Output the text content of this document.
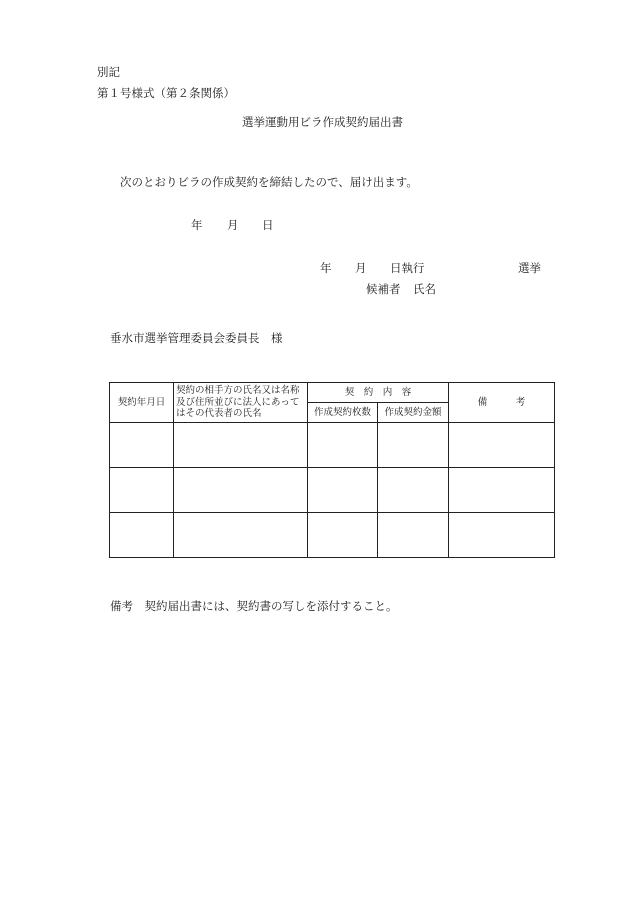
別記
第１号様式（第２条関係）
選挙運動用ビラ作成契約届出書
次のとおりビラの作成契約を締結したので、届け出ます。
年 月 日
年 月 日執行	選挙
候補者 氏名
垂水市選挙管理委員会委員長　様
契約年月日	契約の相手方の氏名又は名称及び住所並びに法人にあってはその代表者の氏名	契　約　内　容		備　　　考
		作成契約枚数	作成契約金額	

備考　契約届出書には、契約書の写しを添付すること。
